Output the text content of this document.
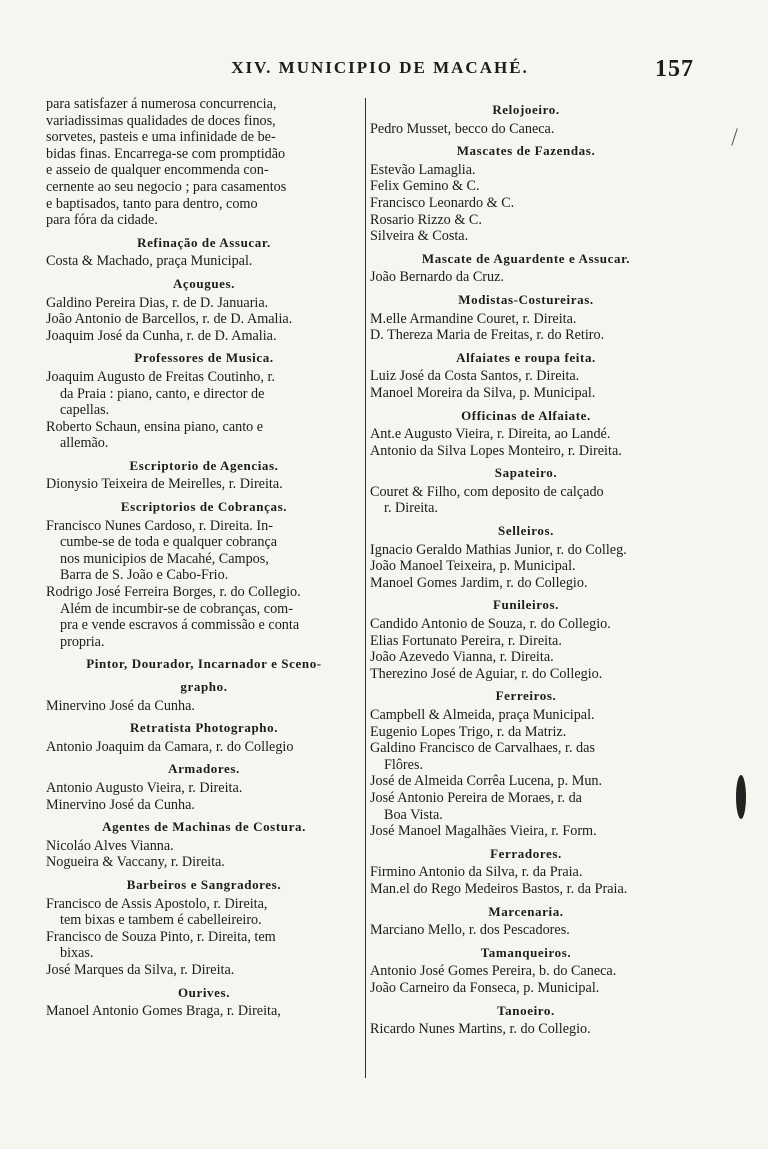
XIV. MUNICIPIO DE MACAHÉ.	157
para satisfazer á numerosa concurrencia,
variadissimas qualidades de doces finos,
sorvetes, pasteis e uma infinidade de be-
bidas finas. Encarrega-se com promptidão
e asseio de qualquer encommenda con-
cernente ao seu negocio ; para casamentos
e baptisados, tanto para dentro, como
para fóra da cidade.
Refinação de Assucar.
Costa & Machado, praça Municipal.
Açougues.
Galdino Pereira Dias, r. de D. Januaria.
João Antonio de Barcellos, r. de D. Amalia.
Joaquim José da Cunha, r. de D. Amalia.
Professores de Musica.
Joaquim Augusto de Freitas Coutinho, r.
da Praia : piano, canto, e director de
capellas.
Roberto Schaun, ensina piano, canto e
allemão.
Escriptorio de Agencias.
Dionysio Teixeira de Meirelles, r. Direita.
Escriptorios de Cobranças.
Francisco Nunes Cardoso, r. Direita. In-
cumbe-se de toda e qualquer cobrança
nos municipios de Macahé, Campos,
Barra de S. João e Cabo-Frio.
Rodrigo José Ferreira Borges, r. do Collegio.
Além de incumbir-se de cobranças, com-
pra e vende escravos á commissão e conta
propria.
Pintor, Dourador, Incarnador e Sceno-
grapho.
Minervino José da Cunha.
Retratista Photographo.
Antonio Joaquim da Camara, r. do Collegio
Armadores.
Antonio Augusto Vieira, r. Direita.
Minervino José da Cunha.
Agentes de Machinas de Costura.
Nicoláo Alves Vianna.
Nogueira & Vaccany, r. Direita.
Barbeiros e Sangradores.
Francisco de Assis Apostolo, r. Direita,
tem bixas e tambem é cabelleireiro.
Francisco de Souza Pinto, r. Direita, tem
bixas.
José Marques da Silva, r. Direita.
Ourives.
Manoel Antonio Gomes Braga, r. Direita,
Relojoeiro.
Pedro Musset, becco do Caneca.
Mascates de Fazendas.
Estevão Lamaglia.
Felix Gemino & C.
Francisco Leonardo & C.
Rosario Rizzo & C.
Silveira & Costa.
Mascate de Aguardente e Assucar.
João Bernardo da Cruz.
Modistas-Costureiras.
M.elle Armandine Couret, r. Direita.
D. Thereza Maria de Freitas, r. do Retiro.
Alfaiates e roupa feita.
Luiz José da Costa Santos, r. Direita.
Manoel Moreira da Silva, p. Municipal.
Officinas de Alfaiate.
Ant.e Augusto Vieira, r. Direita, ao Landé.
Antonio da Silva Lopes Monteiro, r. Direita.
Sapateiro.
Couret & Filho, com deposito de calçado
r. Direita.
Selleiros.
Ignacio Geraldo Mathias Junior, r. do Colleg.
João Manoel Teixeira, p. Municipal.
Manoel Gomes Jardim, r. do Collegio.
Funileiros.
Candido Antonio de Souza, r. do Collegio.
Elias Fortunato Pereira, r. Direita.
João Azevedo Vianna, r. Direita.
Therezino José de Aguiar, r. do Collegio.
Ferreiros.
Campbell & Almeida, praça Municipal.
Eugenio Lopes Trigo, r. da Matriz.
Galdino Francisco de Carvalhaes, r. das
Flôres.
José de Almeida Corrêa Lucena, p. Mun.
José Antonio Pereira de Moraes, r. da
Boa Vista.
José Manoel Magalhães Vieira, r. Form.
Ferradores.
Firmino Antonio da Silva, r. da Praia.
Man.el do Rego Medeiros Bastos, r. da Praia.
Marcenaria.
Marciano Mello, r. dos Pescadores.
Tamanqueiros.
Antonio José Gomes Pereira, b. do Caneca.
João Carneiro da Fonseca, p. Municipal.
Tanoeiro.
Ricardo Nunes Martins, r. do Collegio.
